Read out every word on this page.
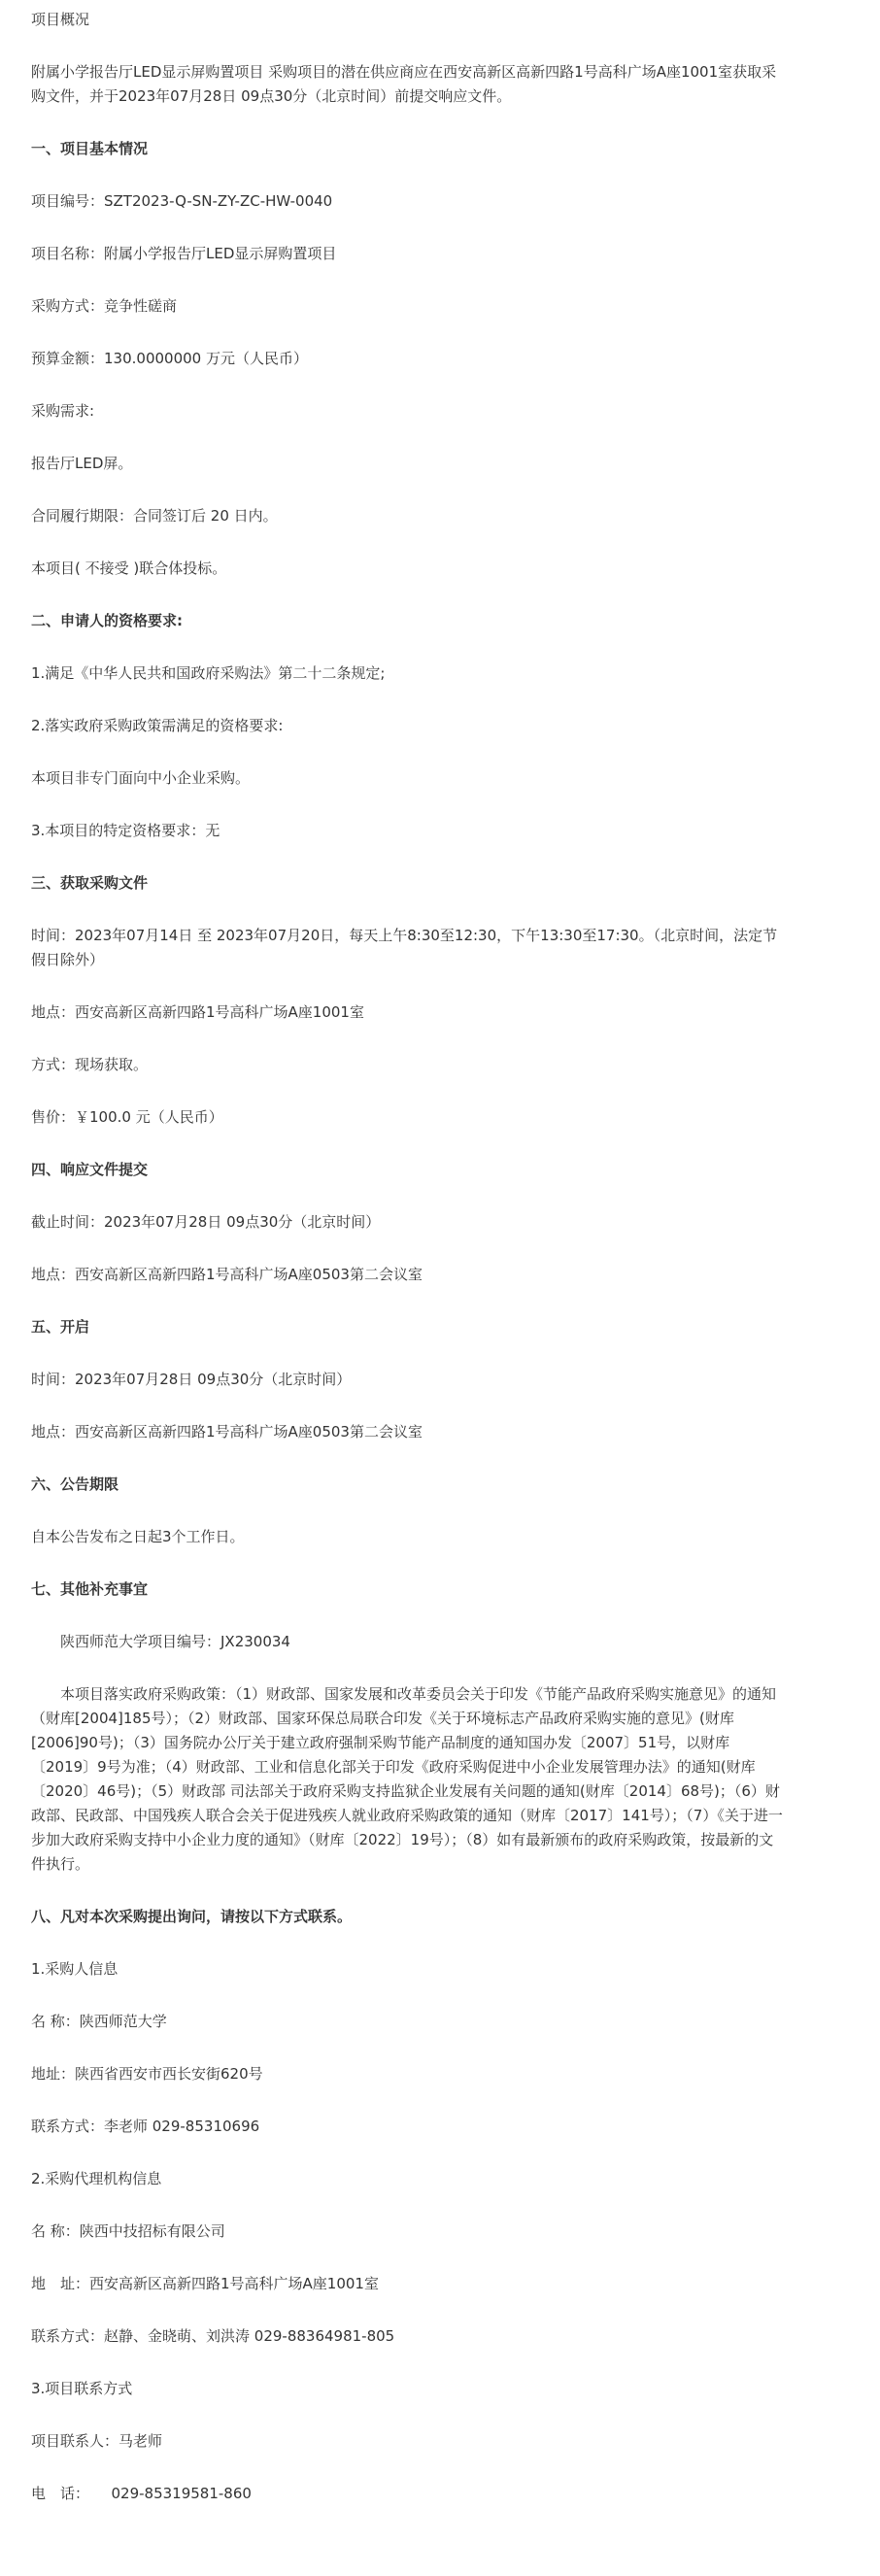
项目概况

附属小学报告厅LED显示屏购置项目 采购项目的潜在供应商应在西安高新区高新四路1号高科广场A座1001室获取采购文件，并于2023年07月28日 09点30分（北京时间）前提交响应文件。

一、项目基本情况

项目编号：SZT2023-Q-SN-ZY-ZC-HW-0040

项目名称：附属小学报告厅LED显示屏购置项目

采购方式：竞争性磋商

预算金额：130.0000000 万元（人民币）

采购需求:

报告厅LED屏。

合同履行期限：合同签订后 20 日内。

本项目( 不接受 )联合体投标。

二、申请人的资格要求:

1.满足《中华人民共和国政府采购法》第二十二条规定;

2.落实政府采购政策需满足的资格要求:

本项目非专门面向中小企业采购。

3.本项目的特定资格要求：无

三、获取采购文件

时间：2023年07月14日 至 2023年07月20日，每天上午8:30至12:30，下午13:30至17:30。（北京时间，法定节假日除外）

地点：西安高新区高新四路1号高科广场A座1001室

方式：现场获取。

售价：￥100.0 元（人民币）

四、响应文件提交

截止时间：2023年07月28日 09点30分（北京时间）

地点：西安高新区高新四路1号高科广场A座0503第二会议室

五、开启

时间：2023年07月28日 09点30分（北京时间）

地点：西安高新区高新四路1号高科广场A座0503第二会议室

六、公告期限

自本公告发布之日起3个工作日。

七、其他补充事宜

陕西师范大学项目编号：JX230034

本项目落实政府采购政策：（1）财政部、国家发展和改革委员会关于印发《节能产品政府采购实施意见》的通知（财库[2004]185号）；（2）财政部、国家环保总局联合印发《关于环境标志产品政府采购实施的意见》(财库[2006]90号)；（3）国务院办公厅关于建立政府强制采购节能产品制度的通知国办发〔2007〕51号，以财库〔2019〕9号为准；（4）财政部、工业和信息化部关于印发《政府采购促进中小企业发展管理办法》的通知(财库〔2020〕46号)；（5）财政部 司法部关于政府采购支持监狱企业发展有关问题的通知(财库〔2014〕68号)；（6）财政部、民政部、中国残疾人联合会关于促进残疾人就业政府采购政策的通知（财库〔2017〕141号）；（7）《关于进一步加大政府采购支持中小企业力度的通知》（财库〔2022〕19号）；（8）如有最新颁布的政府采购政策，按最新的文件执行。

八、凡对本次采购提出询问，请按以下方式联系。

1.采购人信息

名 称：陕西师范大学

地址：陕西省西安市西长安街620号

联系方式：李老师 029-85310696

2.采购代理机构信息

名 称：陕西中技招标有限公司

地　址：西安高新区高新四路1号高科广场A座1001室

联系方式：赵静、金晓萌、刘洪涛 029-88364981-805

3.项目联系方式

项目联系人：马老师

电　话：　　029-85319581-860
